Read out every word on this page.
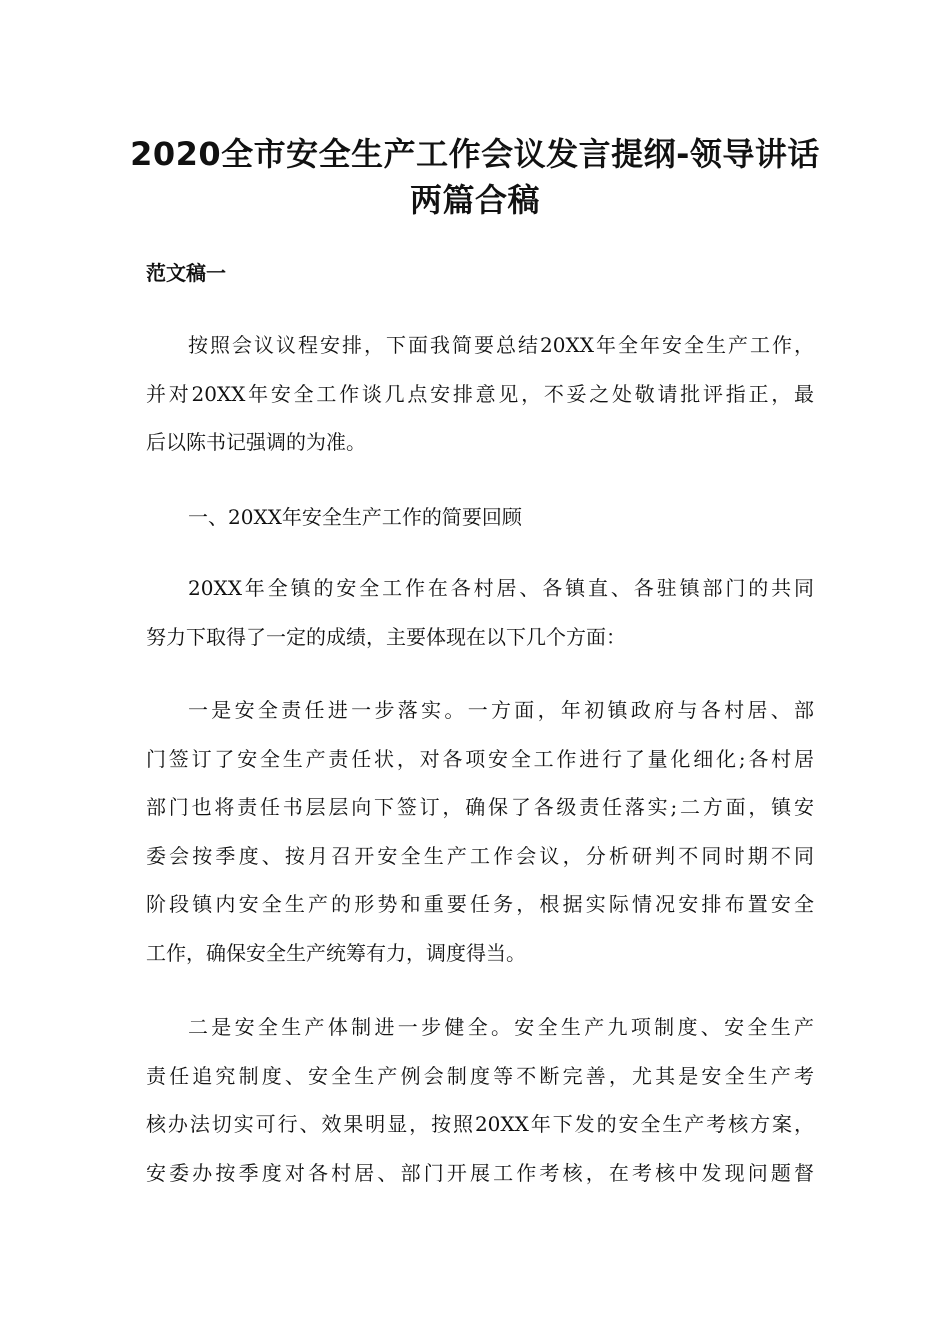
2020全市安全生产工作会议发言提纲-领导讲话
两篇合稿

范文稿一

按照会议议程安排，下面我简要总结20XX年全年安全生产工作，
并对20XX年安全工作谈几点安排意见，不妥之处敬请批评指正，最
后以陈书记强调的为准。
一、20XX年安全生产工作的简要回顾
20XX年全镇的安全工作在各村居、各镇直、各驻镇部门的共同
努力下取得了一定的成绩，主要体现在以下几个方面：
一是安全责任进一步落实。一方面，年初镇政府与各村居、部
门签订了安全生产责任状，对各项安全工作进行了量化细化;各村居
部门也将责任书层层向下签订，确保了各级责任落实;二方面，镇安
委会按季度、按月召开安全生产工作会议，分析研判不同时期不同
阶段镇内安全生产的形势和重要任务，根据实际情况安排布置安全
工作，确保安全生产统筹有力，调度得当。
二是安全生产体制进一步健全。安全生产九项制度、安全生产
责任追究制度、安全生产例会制度等不断完善，尤其是安全生产考
核办法切实可行、效果明显，按照20XX年下发的安全生产考核方案，
安委办按季度对各村居、部门开展工作考核，在考核中发现问题督
